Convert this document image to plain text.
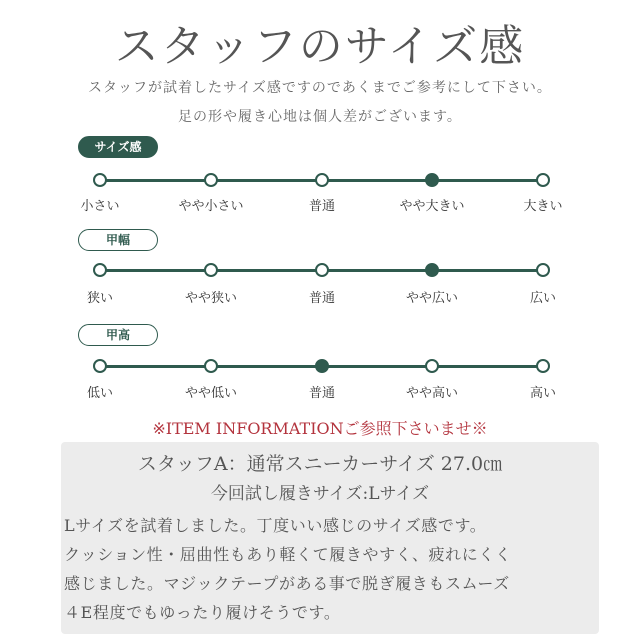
スタッフのサイズ感
スタッフが試着したサイズ感ですのであくまでご参考にして下さい。
足の形や履き心地は個人差がございます。
サイズ感
小さい	やや小さい	普通	やや大きい	大きい
甲幅
狭い	やや狭い	普通	やや広い	広い
甲高
低い	やや低い	普通	やや高い	高い
※ITEM INFORMATIONご参照下さいませ※
スタッフA：通常スニーカーサイズ 27.0㎝
今回試し履きサイズ:Lサイズ
Lサイズを試着しました。丁度いい感じのサイズ感です。
クッション性・屈曲性もあり軽くて履きやすく、疲れにくく
感じました。マジックテープがある事で脱ぎ履きもスムーズ
４E程度でもゆったり履けそうです。
